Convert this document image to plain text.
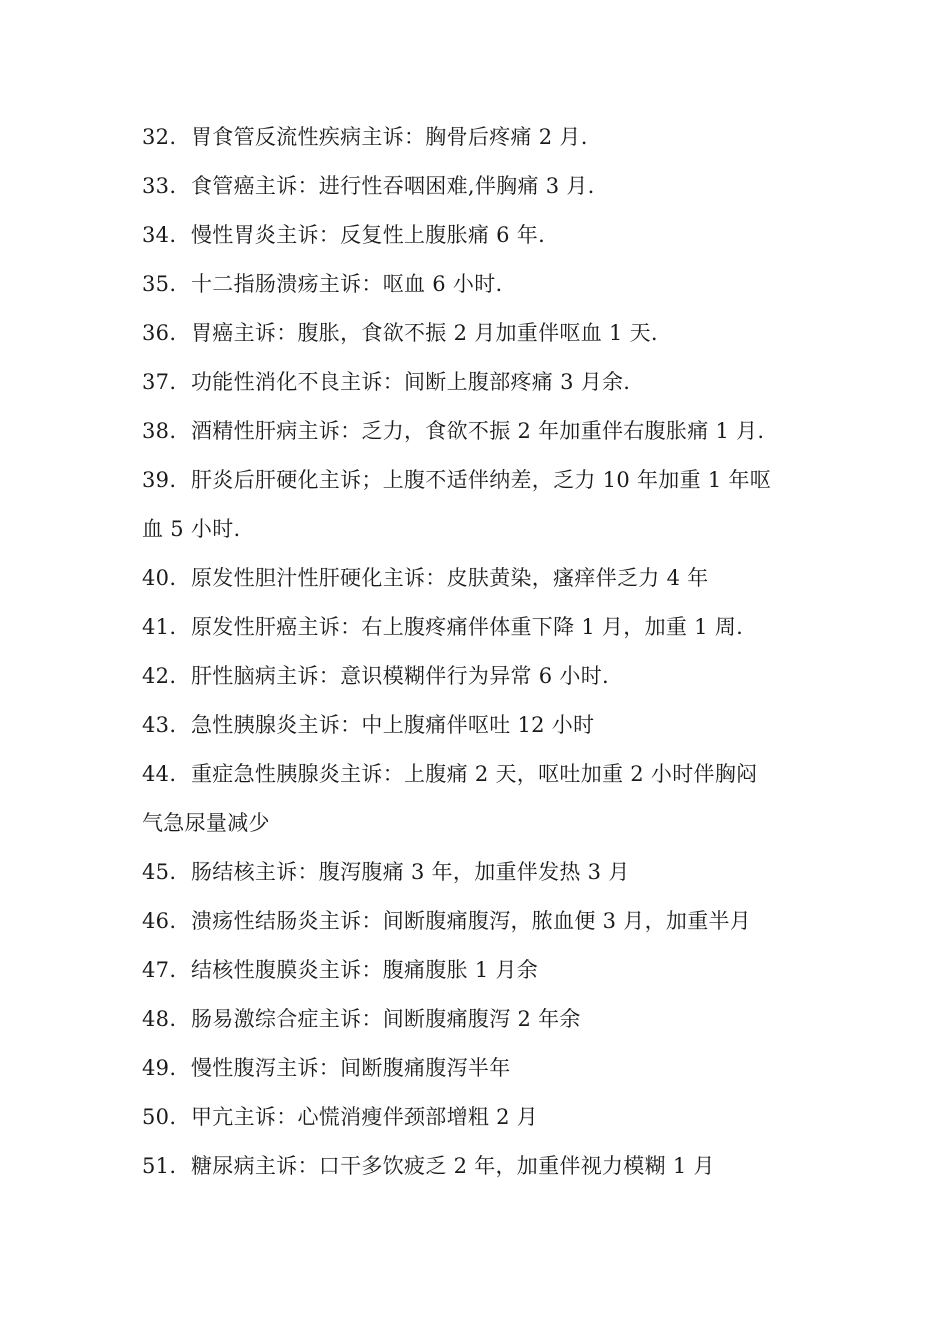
32. 胃食管反流性疾病主诉：胸骨后疼痛 2 月.
33. 食管癌主诉：进行性吞咽困难,伴胸痛 3 月.
34. 慢性胃炎主诉：反复性上腹胀痛 6 年.
35. 十二指肠溃疡主诉：呕血 6 小时.
36. 胃癌主诉：腹胀，食欲不振 2 月加重伴呕血 1 天.
37. 功能性消化不良主诉：间断上腹部疼痛 3 月余.
38. 酒精性肝病主诉：乏力，食欲不振 2 年加重伴右腹胀痛 1 月.
39. 肝炎后肝硬化主诉；上腹不适伴纳差，乏力 10 年加重 1 年呕
血 5 小时.
40. 原发性胆汁性肝硬化主诉：皮肤黄染，瘙痒伴乏力 4 年
41. 原发性肝癌主诉：右上腹疼痛伴体重下降 1 月，加重 1 周.
42. 肝性脑病主诉：意识模糊伴行为异常 6 小时.
43. 急性胰腺炎主诉：中上腹痛伴呕吐 12 小时
44. 重症急性胰腺炎主诉：上腹痛 2 天，呕吐加重 2 小时伴胸闷
气急尿量减少
45. 肠结核主诉：腹泻腹痛 3 年，加重伴发热 3 月
46. 溃疡性结肠炎主诉：间断腹痛腹泻，脓血便 3 月，加重半月
47. 结核性腹膜炎主诉：腹痛腹胀 1 月余
48. 肠易激综合症主诉：间断腹痛腹泻 2 年余
49. 慢性腹泻主诉：间断腹痛腹泻半年
50. 甲亢主诉：心慌消瘦伴颈部增粗 2 月
51. 糖尿病主诉：口干多饮疲乏 2 年，加重伴视力模糊 1 月
